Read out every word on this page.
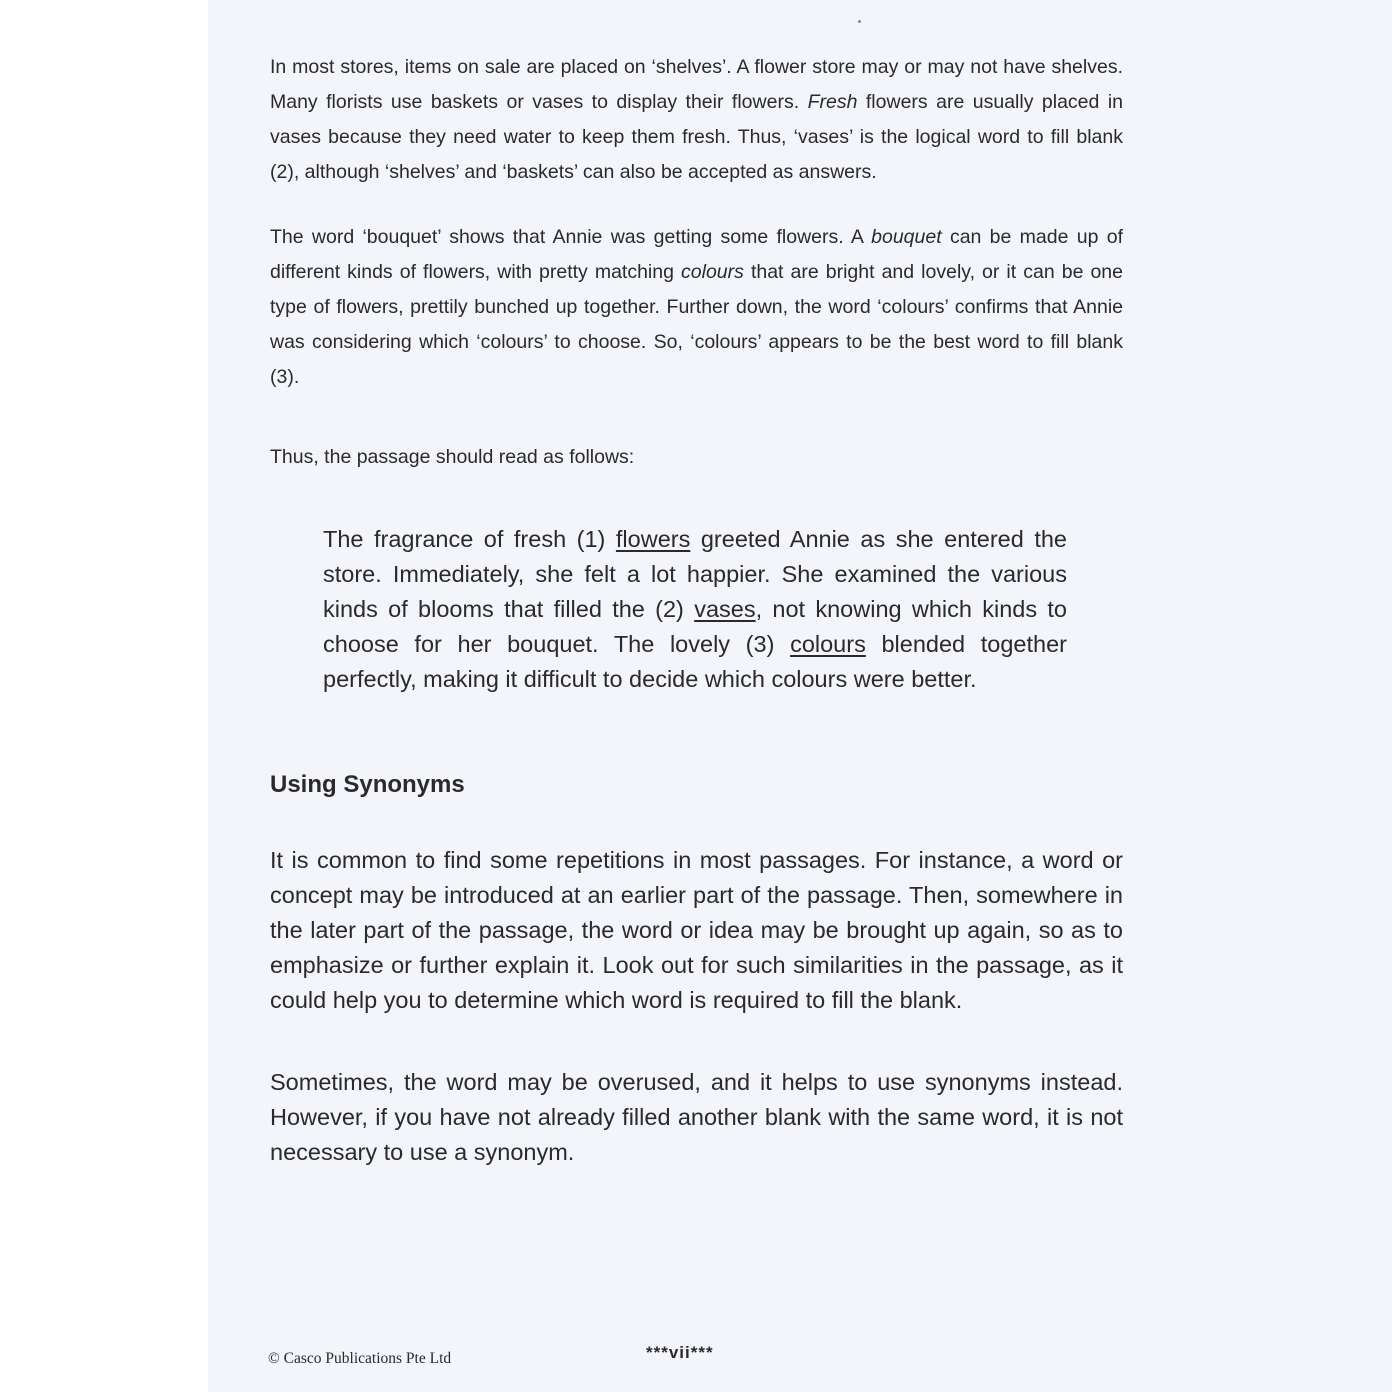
In most stores, items on sale are placed on ‘shelves’. A flower store may or may not have shelves. Many florists use baskets or vases to display their flowers. Fresh flowers are usually placed in vases because they need water to keep them fresh. Thus, ‘vases’ is the logical word to fill blank (2), although ‘shelves’ and ‘baskets’ can also be accepted as answers.

The word ‘bouquet’ shows that Annie was getting some flowers. A bouquet can be made up of different kinds of flowers, with pretty matching colours that are bright and lovely, or it can be one type of flowers, prettily bunched up together. Further down, the word ‘colours’ confirms that Annie was considering which ‘colours’ to choose. So, ‘colours’ appears to be the best word to fill blank (3).

Thus, the passage should read as follows:

The fragrance of fresh (1) flowers greeted Annie as she entered the store. Immediately, she felt a lot happier. She examined the various kinds of blooms that filled the (2) vases, not knowing which kinds to choose for her bouquet. The lovely (3) colours blended together perfectly, making it difficult to decide which colours were better.

Using Synonyms

It is common to find some repetitions in most passages. For instance, a word or concept may be introduced at an earlier part of the passage. Then, somewhere in the later part of the passage, the word or idea may be brought up again, so as to emphasize or further explain it. Look out for such similarities in the passage, as it could help you to determine which word is required to fill the blank.

Sometimes, the word may be overused, and it helps to use synonyms instead. However, if you have not already filled another blank with the same word, it is not necessary to use a synonym.

© Casco Publications Pte Ltd	***vii***
